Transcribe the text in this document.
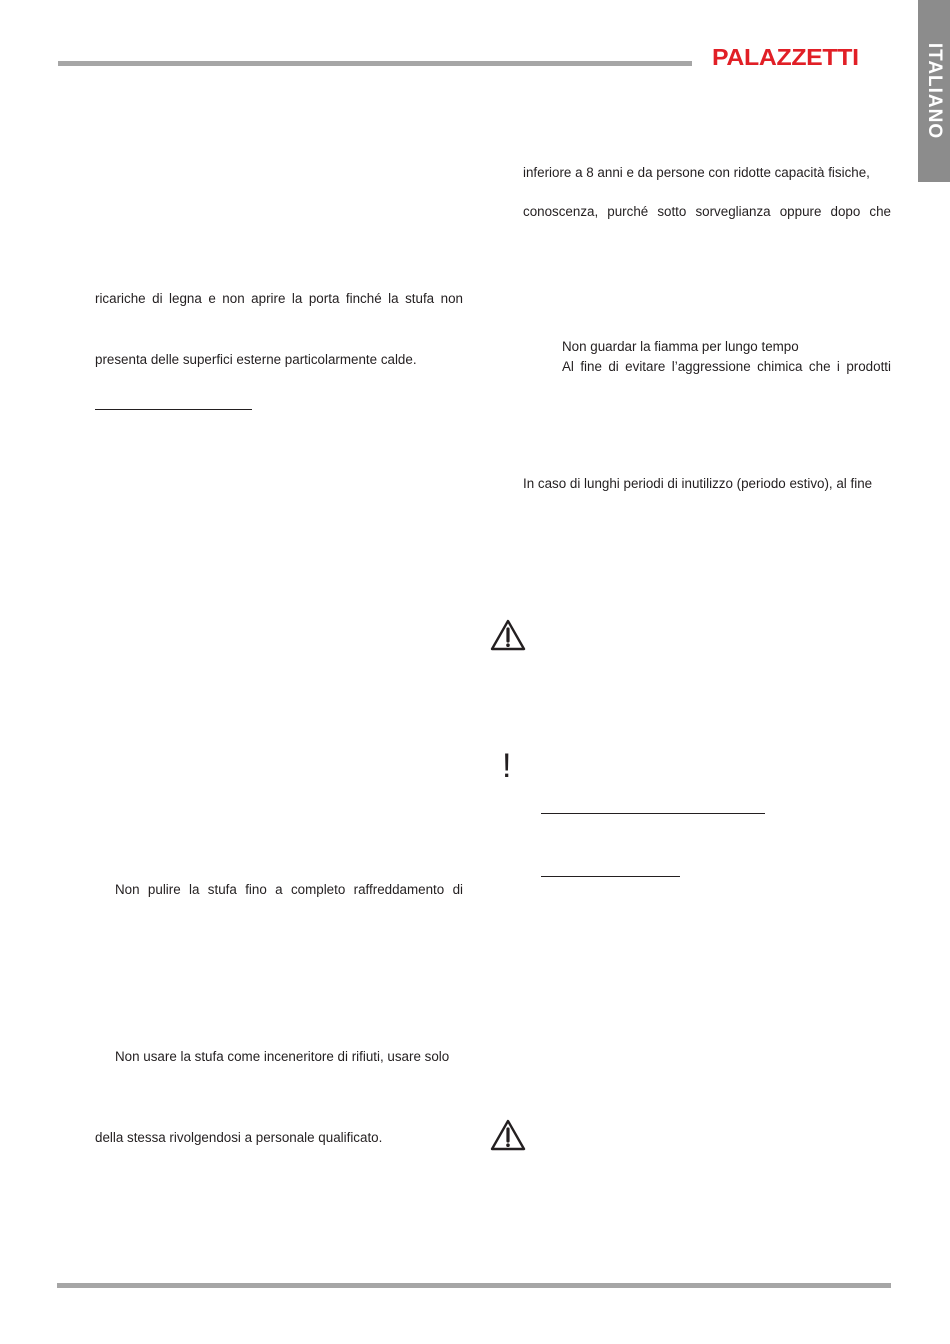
PALAZZETTI	ITALIANO
ricariche di legna e non aprire la porta finché la stufa non
presenta delle superfici esterne particolarmente calde.
Non pulire la stufa fino a completo raffreddamento di
Non usare la stufa come inceneritore di rifiuti, usare solo
della stessa rivolgendosi a personale qualificato.
inferiore a 8 anni e da persone con ridotte capacità fisiche,
conoscenza, purché sotto sorveglianza oppure dopo che
Non guardar la fiamma per lungo tempo
Al fine di evitare l’aggressione chimica che i prodotti
In caso di lunghi periodi di inutilizzo (periodo estivo), al fine
!
